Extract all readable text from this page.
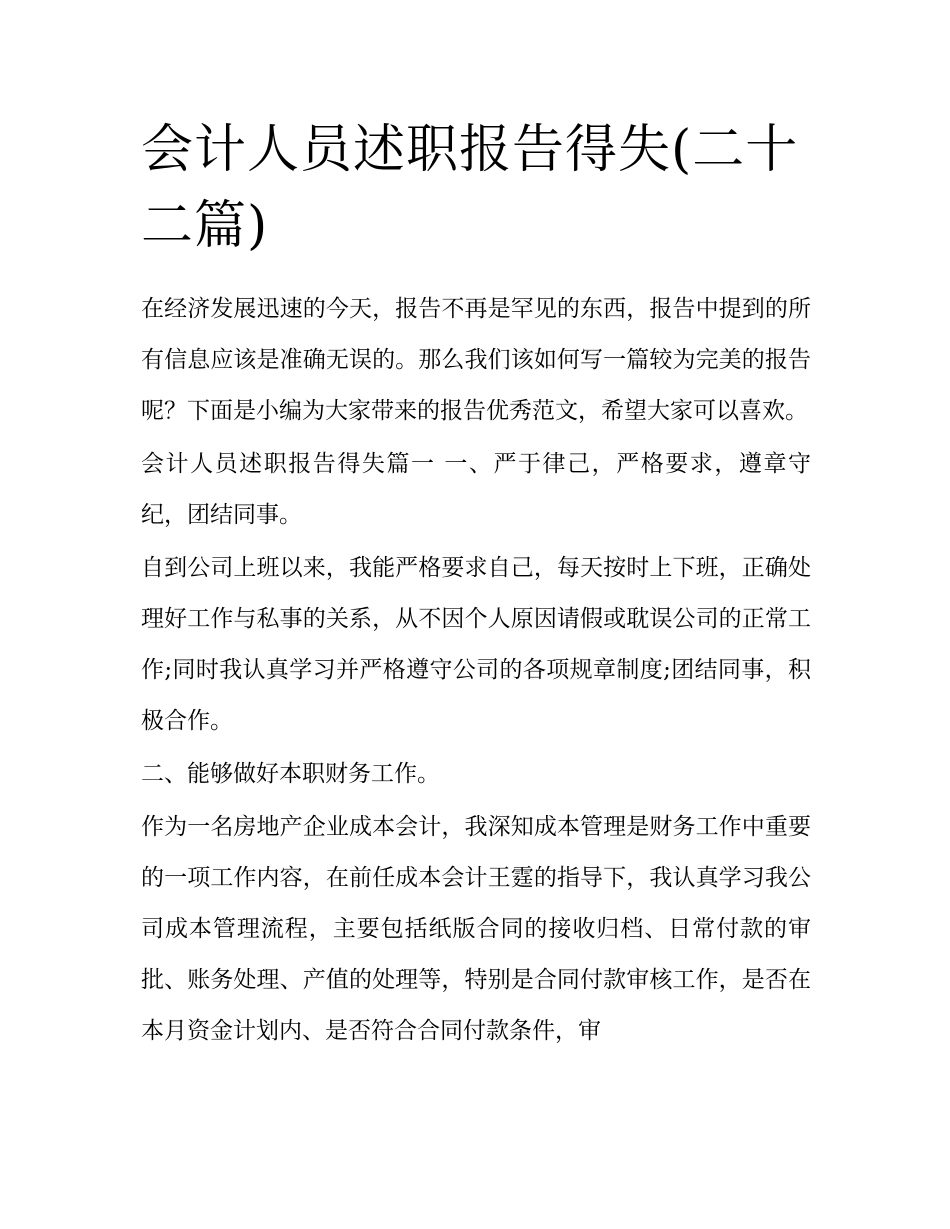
会计人员述职报告得失(二十二篇)

在经济发展迅速的今天，报告不再是罕见的东西，报告中提到的所有信息应该是准确无误的。那么我们该如何写一篇较为完美的报告呢？下面是小编为大家带来的报告优秀范文，希望大家可以喜欢。

会计人员述职报告得失篇一 一、严于律己，严格要求，遵章守纪，团结同事。

自到公司上班以来，我能严格要求自己，每天按时上下班，正确处理好工作与私事的关系，从不因个人原因请假或耽误公司的正常工作;同时我认真学习并严格遵守公司的各项规章制度;团结同事，积极合作。

二、能够做好本职财务工作。

作为一名房地产企业成本会计，我深知成本管理是财务工作中重要的一项工作内容，在前任成本会计王霆的指导下，我认真学习我公司成本管理流程，主要包括纸版合同的接收归档、日常付款的审批、账务处理、产值的处理等，特别是合同付款审核工作，是否在本月资金计划内、是否符合合同付款条件，审
